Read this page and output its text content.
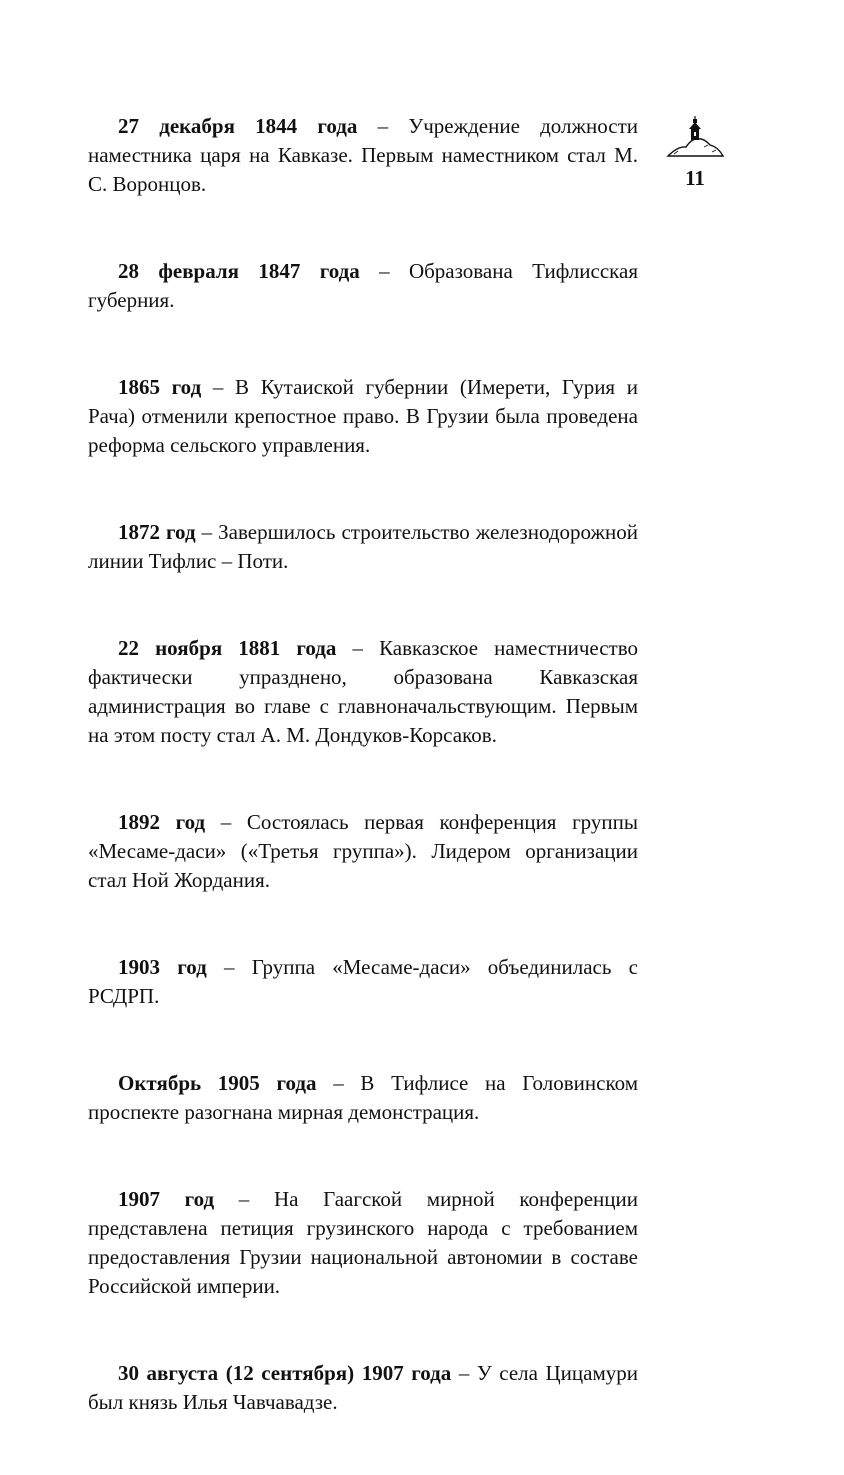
27 декабря 1844 года – Учреждение должности наместника царя на Кавказе. Первым наместником стал М. С. Воронцов.

28 февраля 1847 года – Образована Тифлисская губерния.

1865 год – В Кутаиской губернии (Имерети, Гурия и Рача) отменили крепостное право. В Грузии была проведена реформа сельского управления.

1872 год – Завершилось строительство железнодорожной линии Тифлис – Поти.

22 ноября 1881 года – Кавказское наместничество фактически упразднено, образована Кавказская администрация во главе с главноначальствующим. Первым на этом посту стал А. М. Дондуков-Корсаков.

1892 год – Состоялась первая конференция группы «Месаме-даси» («Третья группа»). Лидером организации стал Ной Жордания.

1903 год – Группа «Месаме-даси» объединилась с РСДРП.

Октябрь 1905 года – В Тифлисе на Головинском проспекте разогнана мирная демонстрация.

1907 год – На Гаагской мирной конференции представлена петиция грузинского народа с требованием предоставления Грузии национальной автономии в составе Российской империи.

30 августа (12 сентября) 1907 года – У села Цицамури был князь Илья Чавчавадзе.

11
